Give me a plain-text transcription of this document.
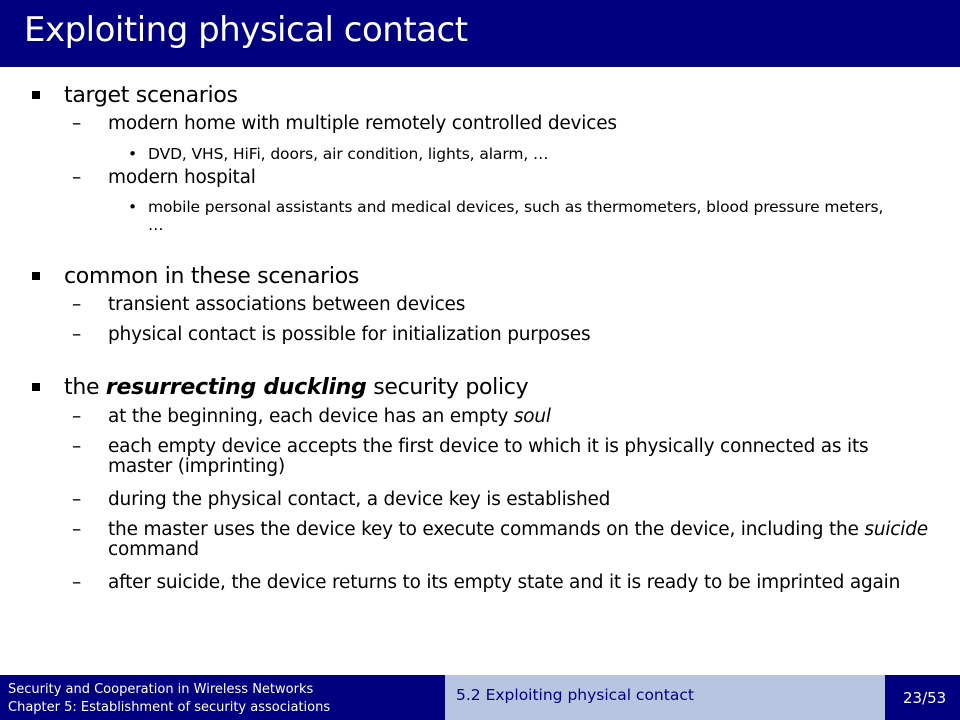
Exploiting physical contact
target scenarios
– modern home with multiple remotely controlled devices
• DVD, VHS, HiFi, doors, air condition, lights, alarm, …
– modern hospital
• mobile personal assistants and medical devices, such as thermometers, blood pressure meters, …
common in these scenarios
– transient associations between devices
– physical contact is possible for initialization purposes
the resurrecting duckling security policy
– at the beginning, each device has an empty soul
– each empty device accepts the first device to which it is physically connected as its master (imprinting)
– during the physical contact, a device key is established
– the master uses the device key to execute commands on the device, including the suicide command
– after suicide, the device returns to its empty state and it is ready to be imprinted again
Security and Cooperation in Wireless Networks
Chapter 5: Establishment of security associations
5.2 Exploiting physical contact	23/53
